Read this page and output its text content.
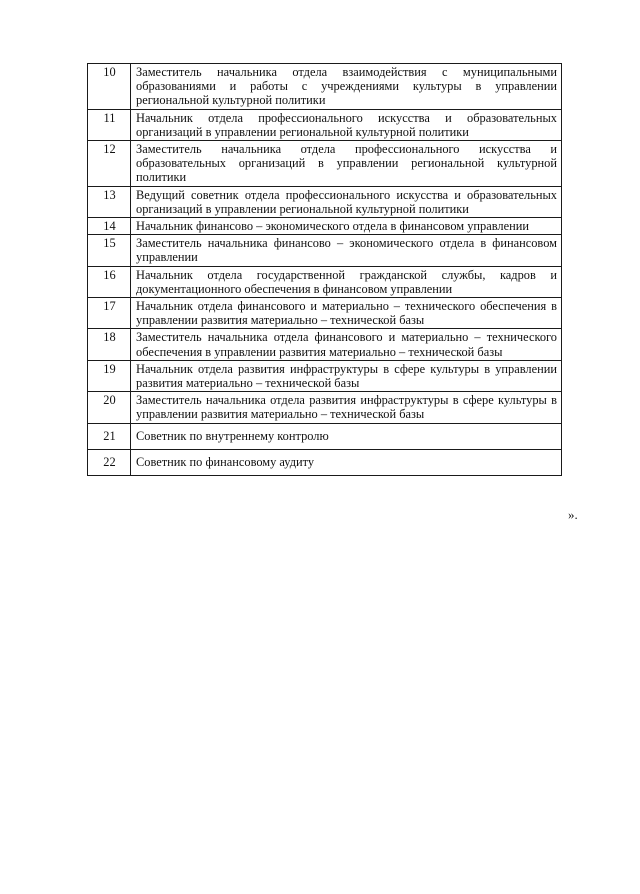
10	Заместитель начальника отдела взаимодействия с муниципальными образованиями и работы с учреждениями культуры в управлении региональной культурной политики
11	Начальник отдела профессионального искусства и образовательных организаций в управлении региональной культурной политики
12	Заместитель начальника отдела профессионального искусства и образовательных организаций в управлении региональной культурной политики
13	Ведущий советник отдела профессионального искусства и образовательных организаций в управлении региональной культурной политики
14	Начальник финансово – экономического отдела в финансовом управлении
15	Заместитель начальника финансово – экономического отдела в финансовом управлении
16	Начальник отдела государственной гражданской службы, кадров и документационного обеспечения в финансовом управлении
17	Начальник отдела финансового и материально – технического обеспечения в управлении развития материально – технической базы
18	Заместитель начальника отдела финансового и материально – технического обеспечения в управлении развития материально – технической базы
19	Начальник отдела развития инфраструктуры в сфере культуры в управлении развития материально – технической базы
20	Заместитель начальника отдела развития инфраструктуры в сфере культуры в управлении развития материально – технической базы
21	Советник по внутреннему контролю
22	Советник по финансовому аудиту
».
